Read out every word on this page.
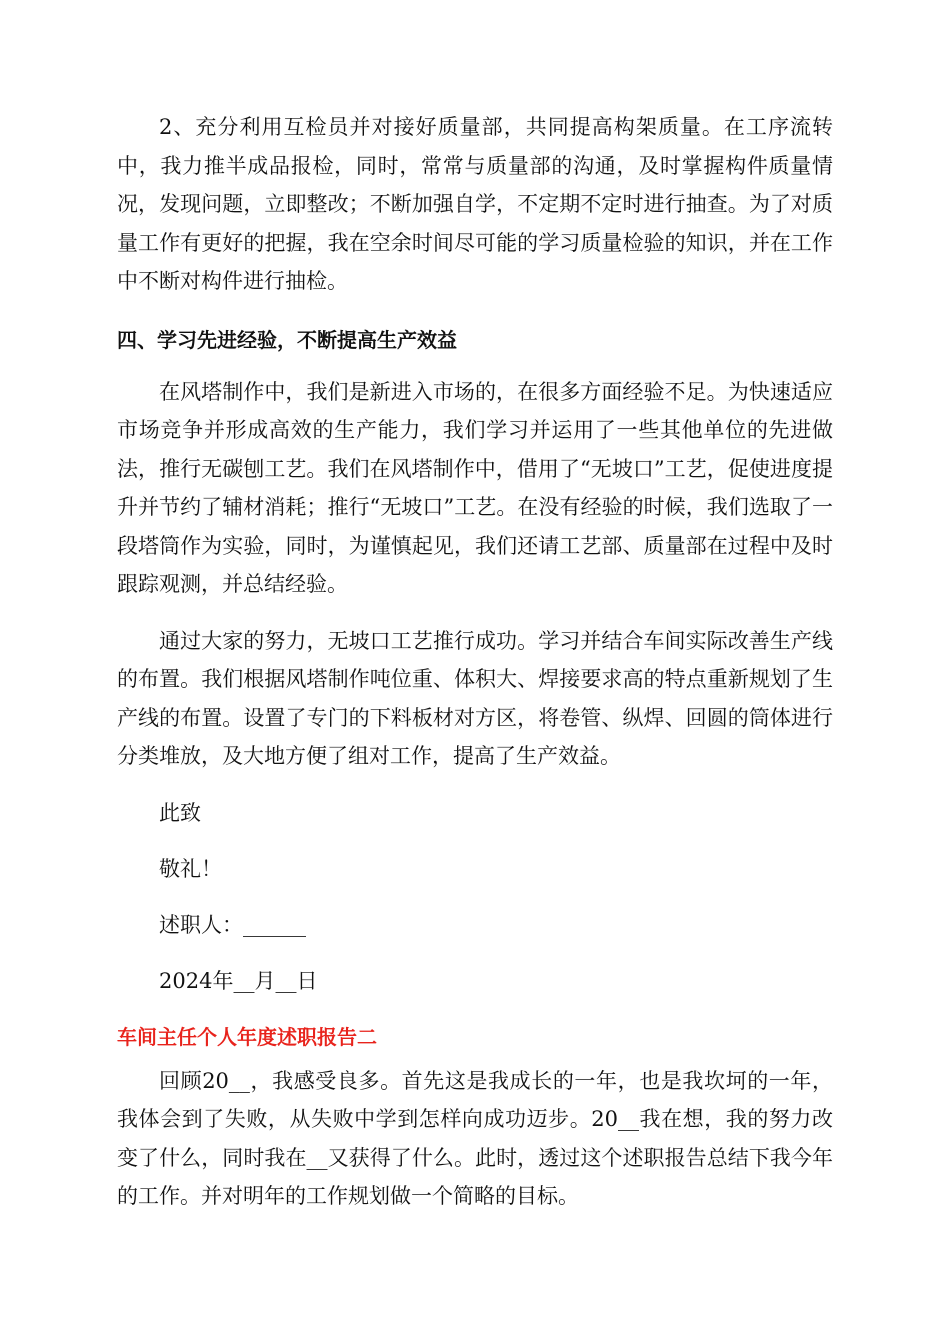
2、充分利用互检员并对接好质量部，共同提高构架质量。在工序流转中，我力推半成品报检，同时，常常与质量部的沟通，及时掌握构件质量情况，发现问题，立即整改；不断加强自学，不定期不定时进行抽查。为了对质量工作有更好的把握，我在空余时间尽可能的学习质量检验的知识，并在工作中不断对构件进行抽检。

四、学习先进经验，不断提高生产效益

在风塔制作中，我们是新进入市场的，在很多方面经验不足。为快速适应市场竞争并形成高效的生产能力，我们学习并运用了一些其他单位的先进做法，推行无碳刨工艺。我们在风塔制作中，借用了“无坡口”工艺，促使进度提升并节约了辅材消耗；推行“无坡口”工艺。在没有经验的时候，我们选取了一段塔筒作为实验，同时，为谨慎起见，我们还请工艺部、质量部在过程中及时跟踪观测，并总结经验。

通过大家的努力，无坡口工艺推行成功。学习并结合车间实际改善生产线的布置。我们根据风塔制作吨位重、体积大、焊接要求高的特点重新规划了生产线的布置。设置了专门的下料板材对方区，将卷管、纵焊、回圆的筒体进行分类堆放，及大地方便了组对工作，提高了生产效益。

此致

敬礼！

述职人：______

2024年__月__日

车间主任个人年度述职报告二

回顾20__，我感受良多。首先这是我成长的一年，也是我坎坷的一年，我体会到了失败，从失败中学到怎样向成功迈步。20__我在想，我的努力改变了什么，同时我在__又获得了什么。此时，透过这个述职报告总结下我今年的工作。并对明年的工作规划做一个简略的目标。
